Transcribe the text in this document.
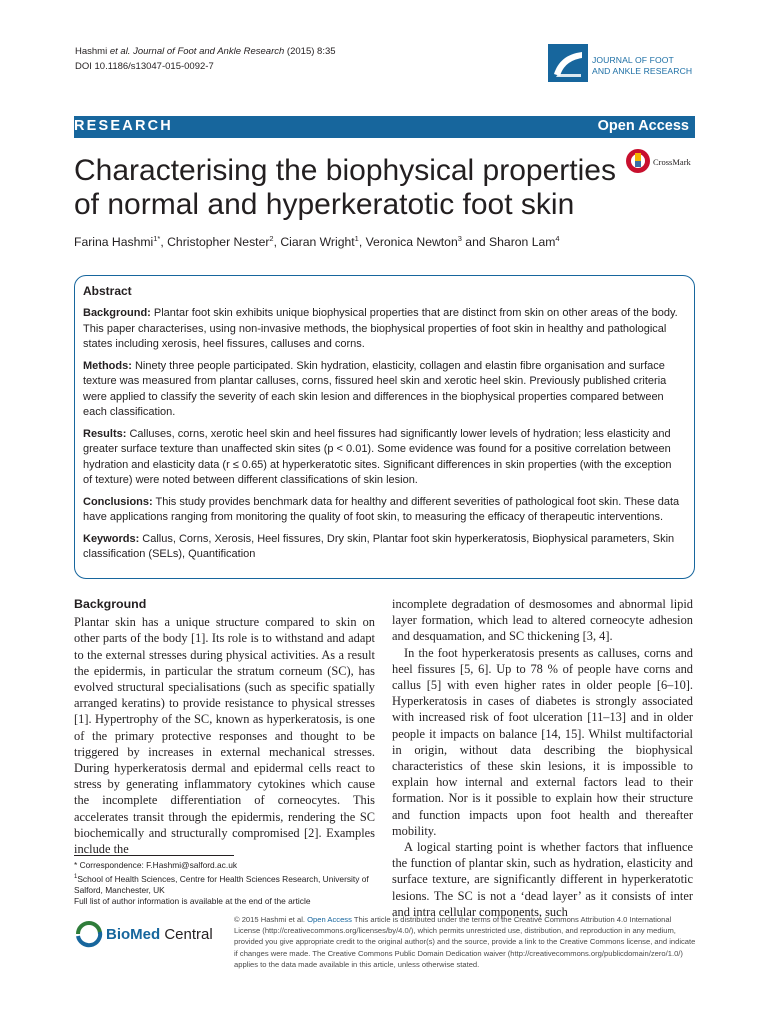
Hashmi et al. Journal of Foot and Ankle Research (2015) 8:35
DOI 10.1186/s13047-015-0092-7
JOURNAL OF FOOT
AND ANKLE RESEARCH
RESEARCH	Open Access
Characterising the biophysical properties of normal and hyperkeratotic foot skin
CrossMark
Farina Hashmi$^{1*}$, Christopher Nester$^2$, Ciaran Wright$^1$, Veronica Newton$^3$ and Sharon Lam$^4$
Abstract

Background: Plantar foot skin exhibits unique biophysical properties that are distinct from skin on other areas of the body. This paper characterises, using non-invasive methods, the biophysical properties of foot skin in healthy and pathological states including xerosis, heel fissures, calluses and corns.

Methods: Ninety three people participated. Skin hydration, elasticity, collagen and elastin fibre organisation and surface texture was measured from plantar calluses, corns, fissured heel skin and xerotic heel skin. Previously published criteria were applied to classify the severity of each skin lesion and differences in the biophysical properties compared between each classification.

Results: Calluses, corns, xerotic heel skin and heel fissures had significantly lower levels of hydration; less elasticity and greater surface texture than unaffected skin sites (p < 0.01). Some evidence was found for a positive correlation between hydration and elasticity data (r ≤ 0.65) at hyperkeratotic sites. Significant differences in skin properties (with the exception of texture) were noted between different classifications of skin lesion.

Conclusions: This study provides benchmark data for healthy and different severities of pathological foot skin. These data have applications ranging from monitoring the quality of foot skin, to measuring the efficacy of therapeutic interventions.

Keywords: Callus, Corns, Xerosis, Heel fissures, Dry skin, Plantar foot skin hyperkeratosis, Biophysical parameters, Skin classification (SELs), Quantification

Background

Plantar skin has a unique structure compared to skin on other parts of the body [1]. Its role is to withstand and adapt to the external stresses during physical activities. As a result the epidermis, in particular the stratum corneum (SC), has evolved structural specialisations (such as specific spatially arranged keratins) to provide resistance to physical stresses [1]. Hypertrophy of the SC, known as hyperkeratosis, is one of the primary protective responses and thought to be triggered by increases in external mechanical stresses. During hyperkeratosis dermal and epidermal cells react to stress by generating inflammatory cytokines which cause the incomplete differentiation of corneocytes. This accelerates transit through the epidermis, rendering the SC biochemically and structurally compromised [2]. Examples include the

incomplete degradation of desmosomes and abnormal lipid layer formation, which lead to altered corneocyte adhesion and desquamation, and SC thickening [3, 4].

In the foot hyperkeratosis presents as calluses, corns and heel fissures [5, 6]. Up to 78 % of people have corns and callus [5] with even higher rates in older people [6–10]. Hyperkeratosis in cases of diabetes is strongly associated with increased risk of foot ulceration [11–13] and in older people it impacts on balance [14, 15]. Whilst multifactorial in origin, without data describing the biophysical characteristics of these skin lesions, it is impossible to explain how internal and external factors lead to their formation. Nor is it possible to explain how their structure and function impacts upon foot health and thereafter mobility.

A logical starting point is whether factors that influence the function of plantar skin, such as hydration, elasticity and surface texture, are significantly different in hyperkeratotic lesions. The SC is not a ‘dead layer’ as it consists of inter and intra cellular components, such

* Correspondence: F.Hashmi@salford.ac.uk

$^1$School of Health Sciences, Centre for Health Sciences Research, University of Salford, Manchester, UK

Full list of author information is available at the end of the article

BioMed Central
© 2015 Hashmi et al. Open Access This article is distributed under the terms of the Creative Commons Attribution 4.0 International License (http://creativecommons.org/licenses/by/4.0/), which permits unrestricted use, distribution, and reproduction in any medium, provided you give appropriate credit to the original author(s) and the source, provide a link to the Creative Commons license, and indicate if changes were made. The Creative Commons Public Domain Dedication waiver (http://creativecommons.org/publicdomain/zero/1.0/) applies to the data made available in this article, unless otherwise stated.
